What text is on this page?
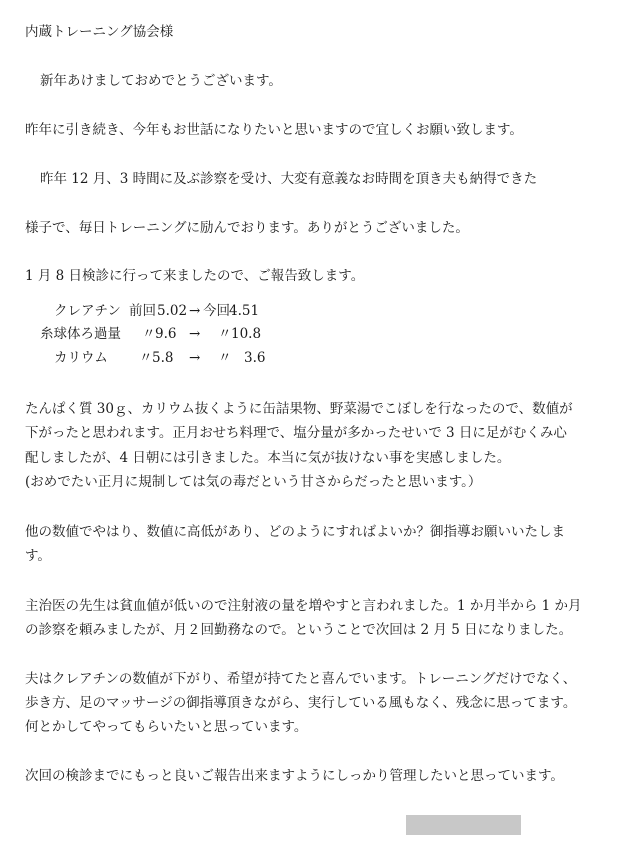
内蔵トレーニング協会様
新年あけましておめでとうございます。
昨年に引き続き、今年もお世話になりたいと思いますので宜しくお願い致します。
昨年 12 月、3 時間に及ぶ診察を受け、大変有意義なお時間を頂き夫も納得できた
様子で、毎日トレーニングに励んでおります。ありがとうございました。
1 月 8 日検診に行って来ましたので、ご報告致します。
クレアチン 前回 5.02 → 今回 4.51
糸球体ろ過量 〃 9.6 → 〃 10.8
カリウム 〃 5.8 → 〃 3.6
たんぱく質 30ｇ、カリウム抜くように缶詰果物、野菜湯でこぼしを行なったので、数値が
下がったと思われます。正月おせち料理で、塩分量が多かったせいで 3 日に足がむくみ心
配しましたが、4 日朝には引きました。本当に気が抜けない事を実感しました。
(おめでたい正月に規制しては気の毒だという甘さからだったと思います。）
他の数値でやはり、数値に高低があり、どのようにすればよいか？御指導お願いいたしま
す。
主治医の先生は貧血値が低いので注射液の量を増やすと言われました。1 か月半から 1 か月
の診察を頼みましたが、月２回勤務なので。ということで次回は 2 月 5 日になりました。
夫はクレアチンの数値が下がり、希望が持てたと喜んでいます。トレーニングだけでなく、
歩き方、足のマッサージの御指導頂きながら、実行している風もなく、残念に思ってます。
何とかしてやってもらいたいと思っています。
次回の検診までにもっと良いご報告出来ますようにしっかり管理したいと思っています。
